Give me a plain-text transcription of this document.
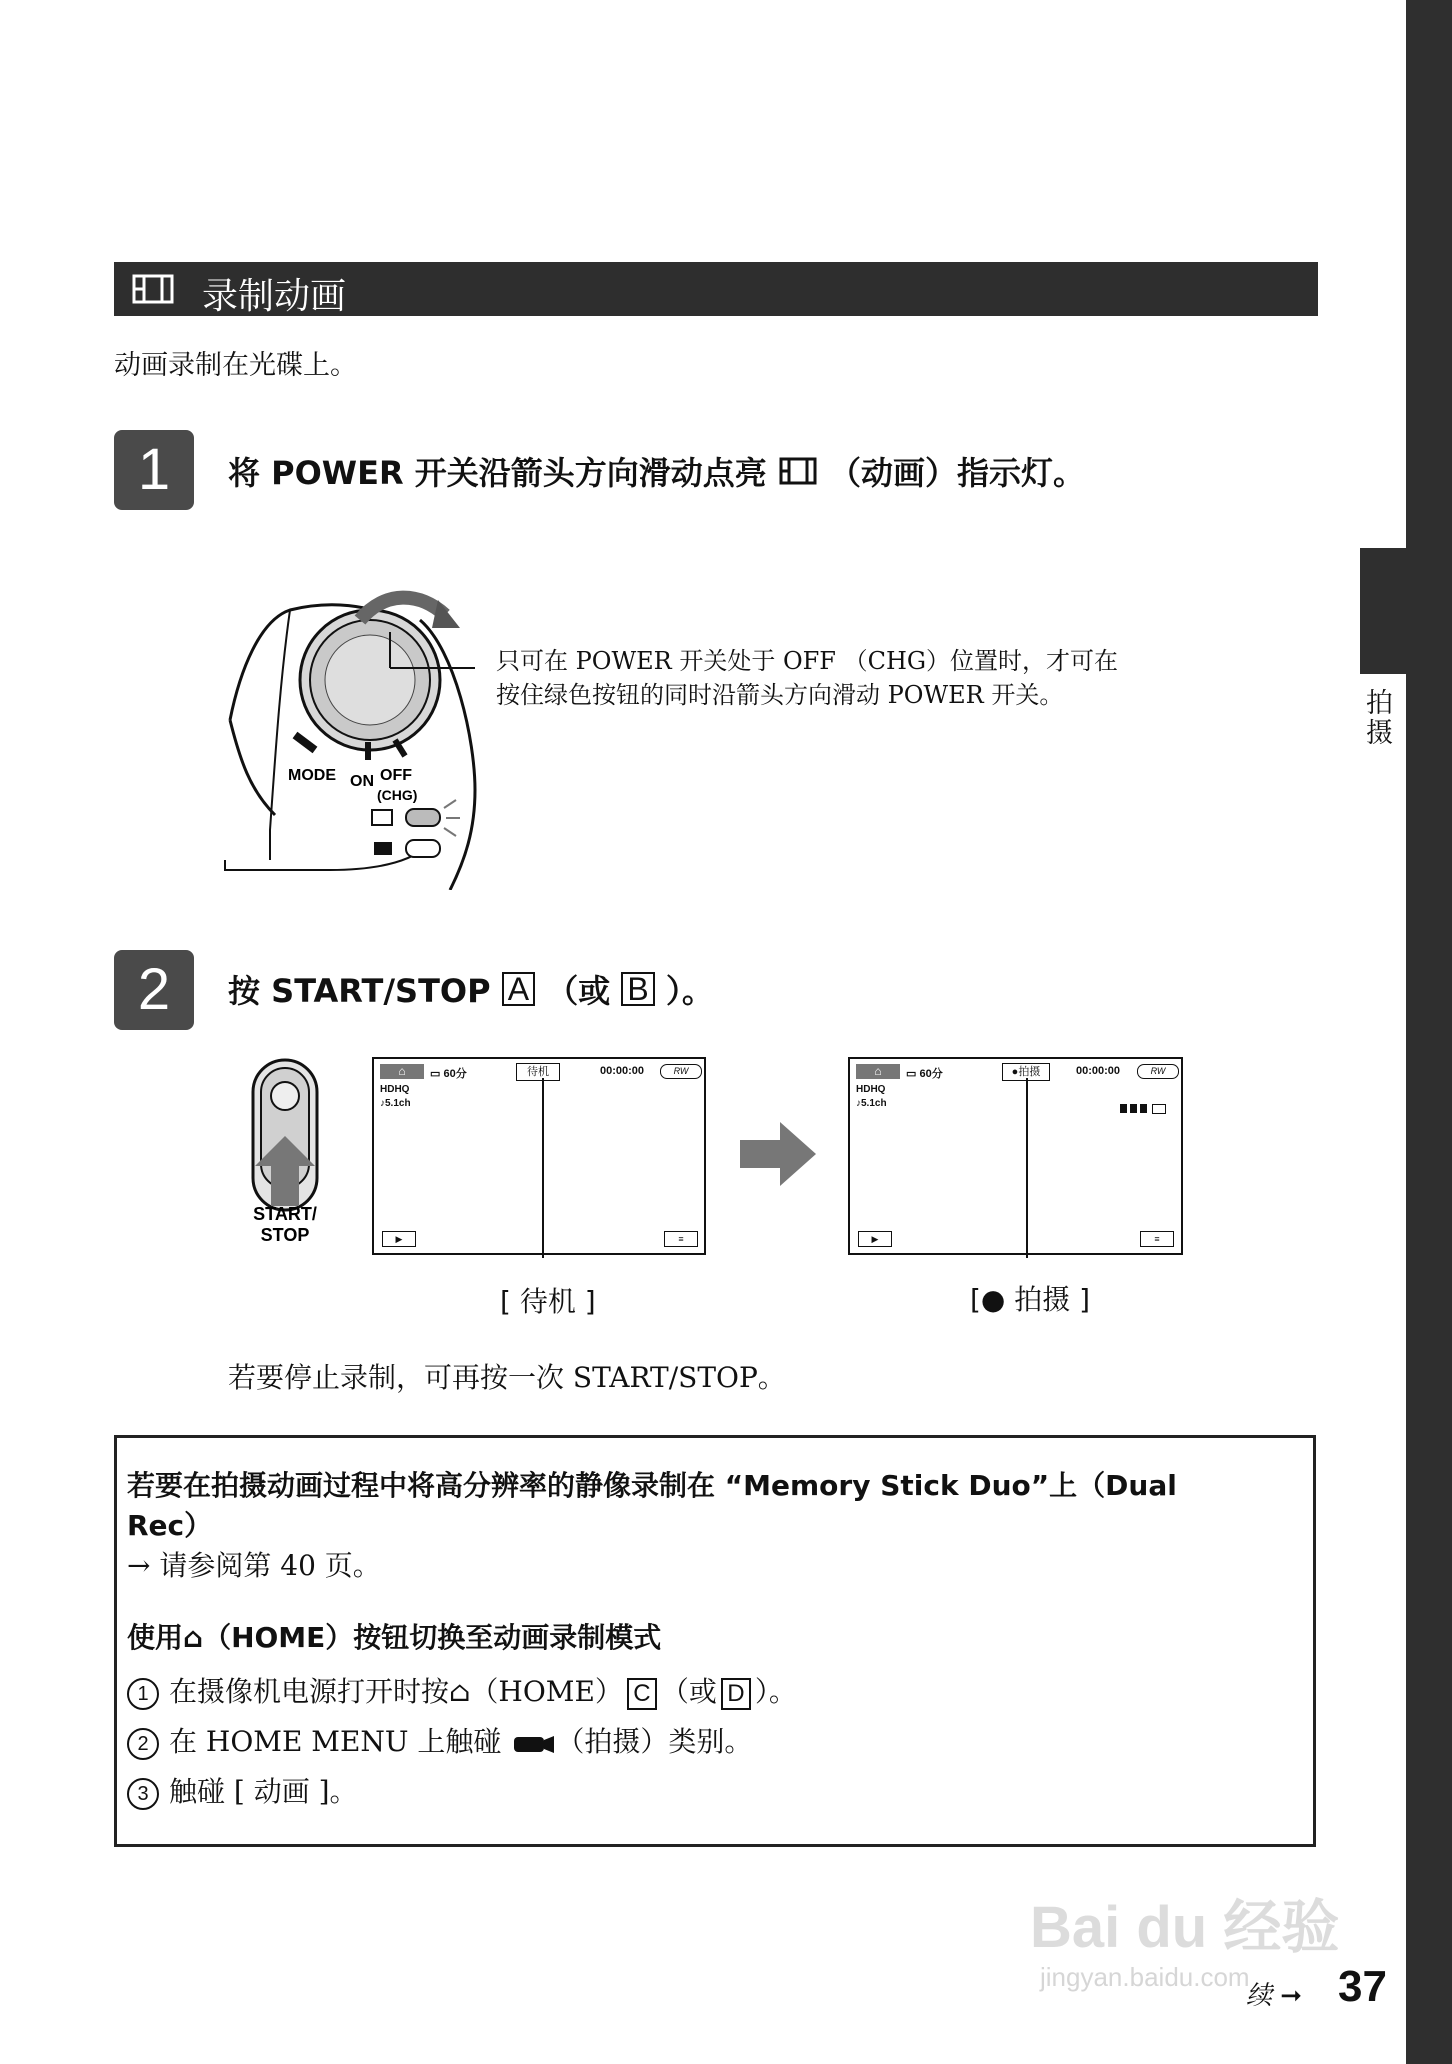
拍摄
录制动画
动画录制在光碟上。
1	将 POWER 开关沿箭头方向滑动点亮 （动画）指示灯。
MODE ON OFF
(CHG)
只可在 POWER 开关处于 OFF （CHG）位置时，才可在
按住绿色按钮的同时沿箭头方向滑动 POWER 开关。
2	按 START/STOP A （或 B ）。
START/
STOP
⌂	▭ 60分	待机	00:00:00	RW
HDHQ
♪5.1ch
▶	≡
[ 待机 ]
⌂	▭ 60分	●拍摄	00:00:00	RW
HDHQ
♪5.1ch
▶	≡
[● 拍摄 ]
若要停止录制，可再按一次 START/STOP。
若要在拍摄动画过程中将高分辨率的静像录制在 “Memory Stick Duo”上（Dual
Rec）
→ 请参阅第 40 页。
使用⌂（HOME）按钮切换至动画录制模式
1 在摄像机电源打开时按⌂（HOME） C （或 D ）。
2 在 HOME MENU 上触碰 （拍摄）类别。
3 触碰 [ 动画 ]。
Bai du 经验
jingyan.baidu.com
续 ➞ 37
